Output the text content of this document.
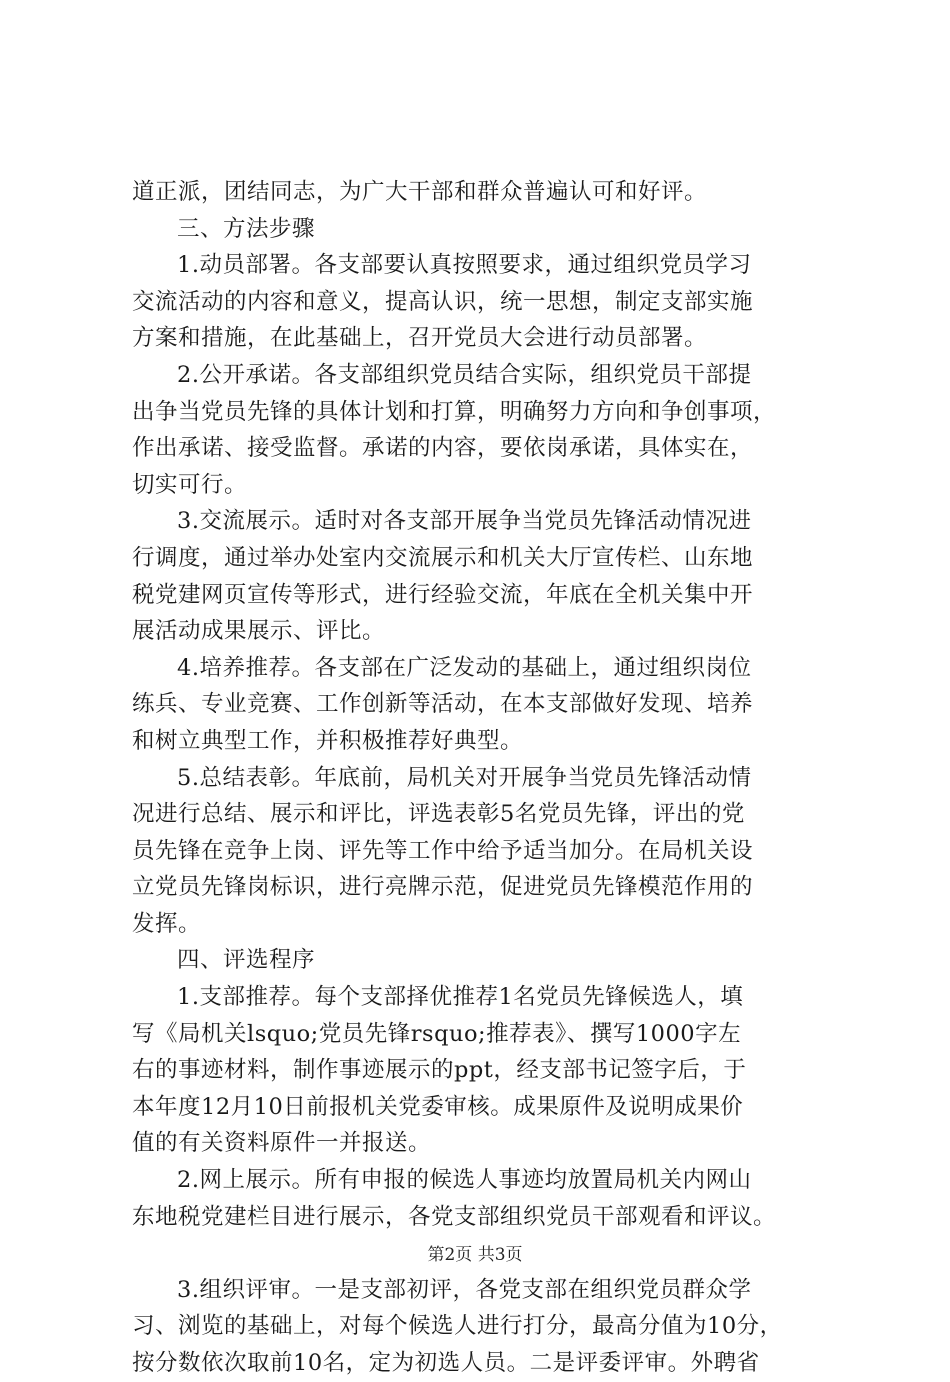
道正派，团结同志，为广大干部和群众普遍认可和好评。
三、方法步骤
1.动员部署。各支部要认真按照要求，通过组织党员学习
交流活动的内容和意义，提高认识，统一思想，制定支部实施
方案和措施，在此基础上，召开党员大会进行动员部署。
2.公开承诺。各支部组织党员结合实际，组织党员干部提
出争当党员先锋的具体计划和打算，明确努力方向和争创事项，
作出承诺、接受监督。承诺的内容，要依岗承诺，具体实在，
切实可行。
3.交流展示。适时对各支部开展争当党员先锋活动情况进
行调度，通过举办处室内交流展示和机关大厅宣传栏、山东地
税党建网页宣传等形式，进行经验交流，年底在全机关集中开
展活动成果展示、评比。
4.培养推荐。各支部在广泛发动的基础上，通过组织岗位
练兵、专业竞赛、工作创新等活动，在本支部做好发现、培养
和树立典型工作，并积极推荐好典型。
5.总结表彰。年底前，局机关对开展争当党员先锋活动情
况进行总结、展示和评比，评选表彰5名党员先锋，评出的党
员先锋在竞争上岗、评先等工作中给予适当加分。在局机关设
立党员先锋岗标识，进行亮牌示范，促进党员先锋模范作用的
发挥。
四、评选程序
1.支部推荐。每个支部择优推荐1名党员先锋候选人，填
写《局机关lsquo;党员先锋rsquo;推荐表》、撰写1000字左
右的事迹材料，制作事迹展示的ppt，经支部书记签字后，于
本年度12月10日前报机关党委审核。成果原件及说明成果价
值的有关资料原件一并报送。
2.网上展示。所有申报的候选人事迹均放置局机关内网山
东地税党建栏目进行展示，各党支部组织党员干部观看和评议。
3.组织评审。一是支部初评，各党支部在组织党员群众学
习、浏览的基础上，对每个候选人进行打分，最高分值为10分，
按分数依次取前10名，定为初选人员。二是评委评审。外聘省
第2页 共3页
